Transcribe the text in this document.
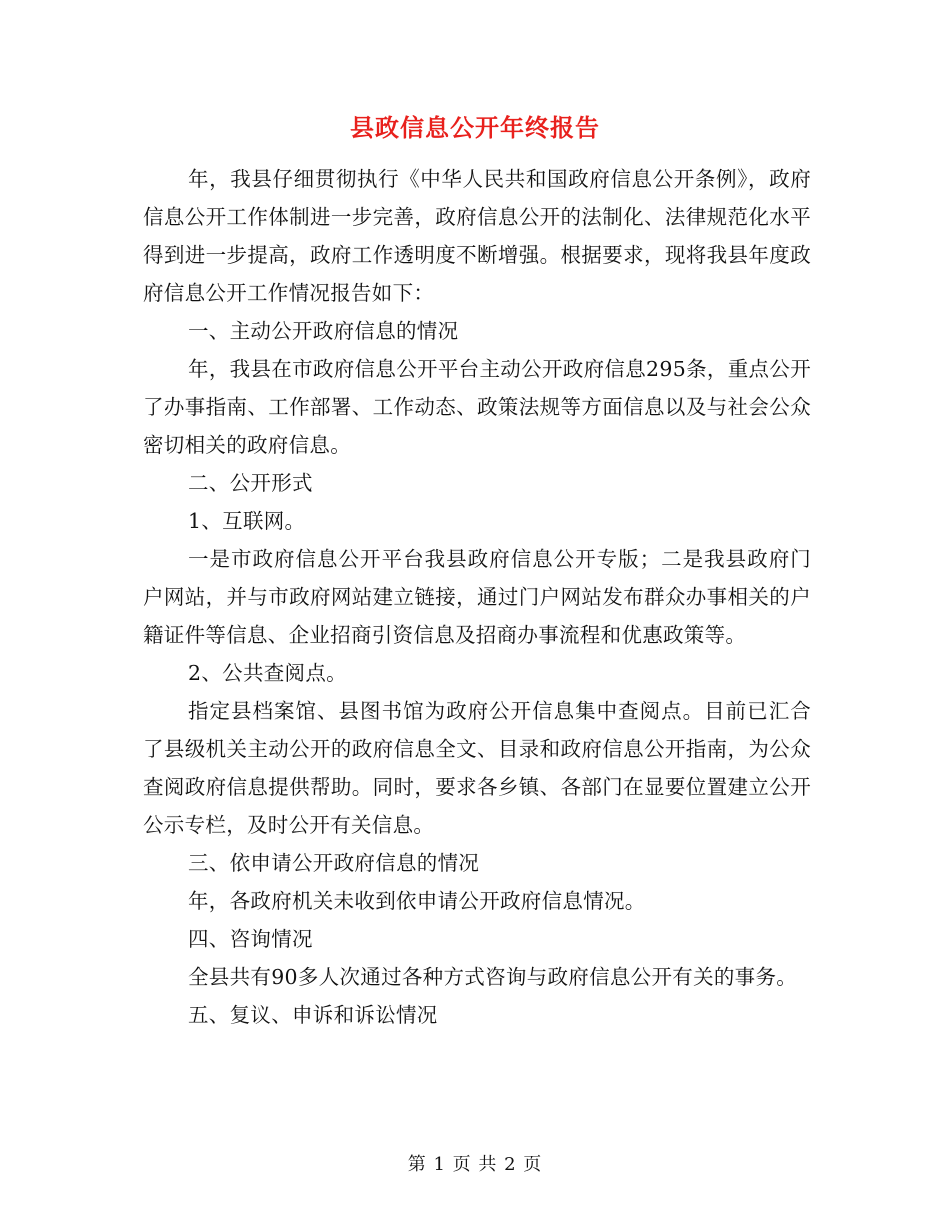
县政信息公开年终报告

年，我县仔细贯彻执行《中华人民共和国政府信息公开条例》，政府信息公开工作体制进一步完善，政府信息公开的法制化、法律规范化水平得到进一步提高，政府工作透明度不断增强。根据要求，现将我县年度政府信息公开工作情况报告如下：

一、主动公开政府信息的情况

年，我县在市政府信息公开平台主动公开政府信息295条，重点公开了办事指南、工作部署、工作动态、政策法规等方面信息以及与社会公众密切相关的政府信息。

二、公开形式

1、互联网。

一是市政府信息公开平台我县政府信息公开专版；二是我县政府门户网站，并与市政府网站建立链接，通过门户网站发布群众办事相关的户籍证件等信息、企业招商引资信息及招商办事流程和优惠政策等。

2、公共查阅点。

指定县档案馆、县图书馆为政府公开信息集中查阅点。目前已汇合了县级机关主动公开的政府信息全文、目录和政府信息公开指南，为公众查阅政府信息提供帮助。同时，要求各乡镇、各部门在显要位置建立公开公示专栏，及时公开有关信息。

三、依申请公开政府信息的情况

年，各政府机关未收到依申请公开政府信息情况。

四、咨询情况

全县共有90多人次通过各种方式咨询与政府信息公开有关的事务。

五、复议、申诉和诉讼情况

第 1 页 共 2 页
